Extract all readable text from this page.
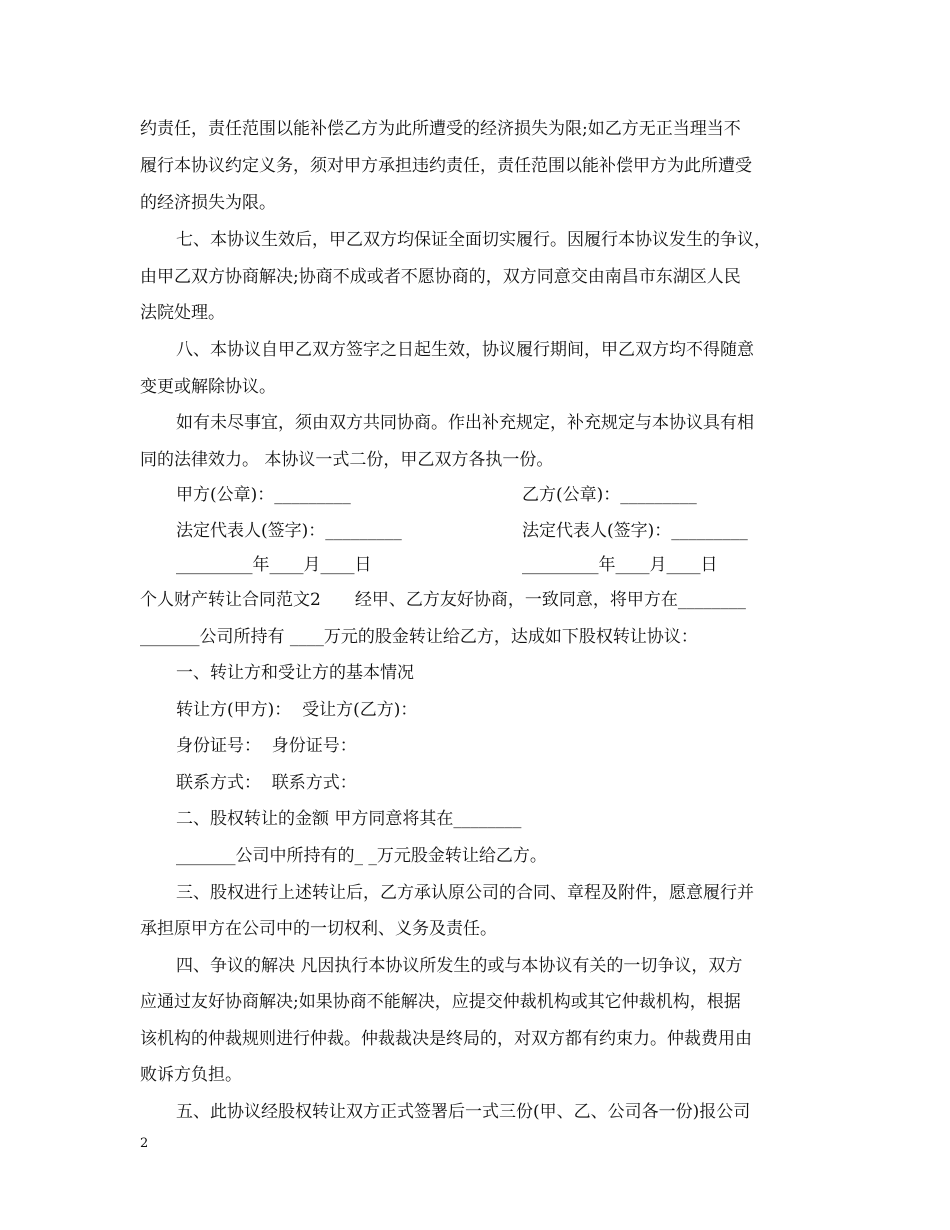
约责任，责任范围以能补偿乙方为此所遭受的经济损失为限;如乙方无正当理当不
履行本协议约定义务，须对甲方承担违约责任，责任范围以能补偿甲方为此所遭受
的经济损失为限。
七、本协议生效后，甲乙双方均保证全面切实履行。因履行本协议发生的争议，
由甲乙双方协商解决;协商不成或者不愿协商的，双方同意交由南昌市东湖区人民
法院处理。
八、本协议自甲乙双方签字之日起生效，协议履行期间，甲乙双方均不得随意
变更或解除协议。
如有未尽事宜，须由双方共同协商。作出补充规定，补充规定与本协议具有相
同的法律效力。 本协议一式二份，甲乙双方各执一份。
甲方(公章)：_________	乙方(公章)：_________
法定代表人(签字)：_________	法定代表人(签字)：_________
_________年____月____日	_________年____月____日
个人财产转让合同范文2　　经甲、乙方友好协商，一致同意，将甲方在________
_______公司所持有 ____万元的股金转让给乙方，达成如下股权转让协议：
一、转让方和受让方的基本情况
转让方(甲方)：  受让方(乙方)：
身份证号：  身份证号：
联系方式：  联系方式：
二、股权转让的金额 甲方同意将其在________
_______公司中所持有的_ _万元股金转让给乙方。
三、股权进行上述转让后，乙方承认原公司的合同、章程及附件，愿意履行并
承担原甲方在公司中的一切权利、义务及责任。
四、争议的解决 凡因执行本协议所发生的或与本协议有关的一切争议，双方
应通过友好协商解决;如果协商不能解决，应提交仲裁机构或其它仲裁机构，根据
该机构的仲裁规则进行仲裁。仲裁裁决是终局的，对双方都有约束力。仲裁费用由
败诉方负担。
五、此协议经股权转让双方正式签署后一式三份(甲、乙、公司各一份)报公司
2
